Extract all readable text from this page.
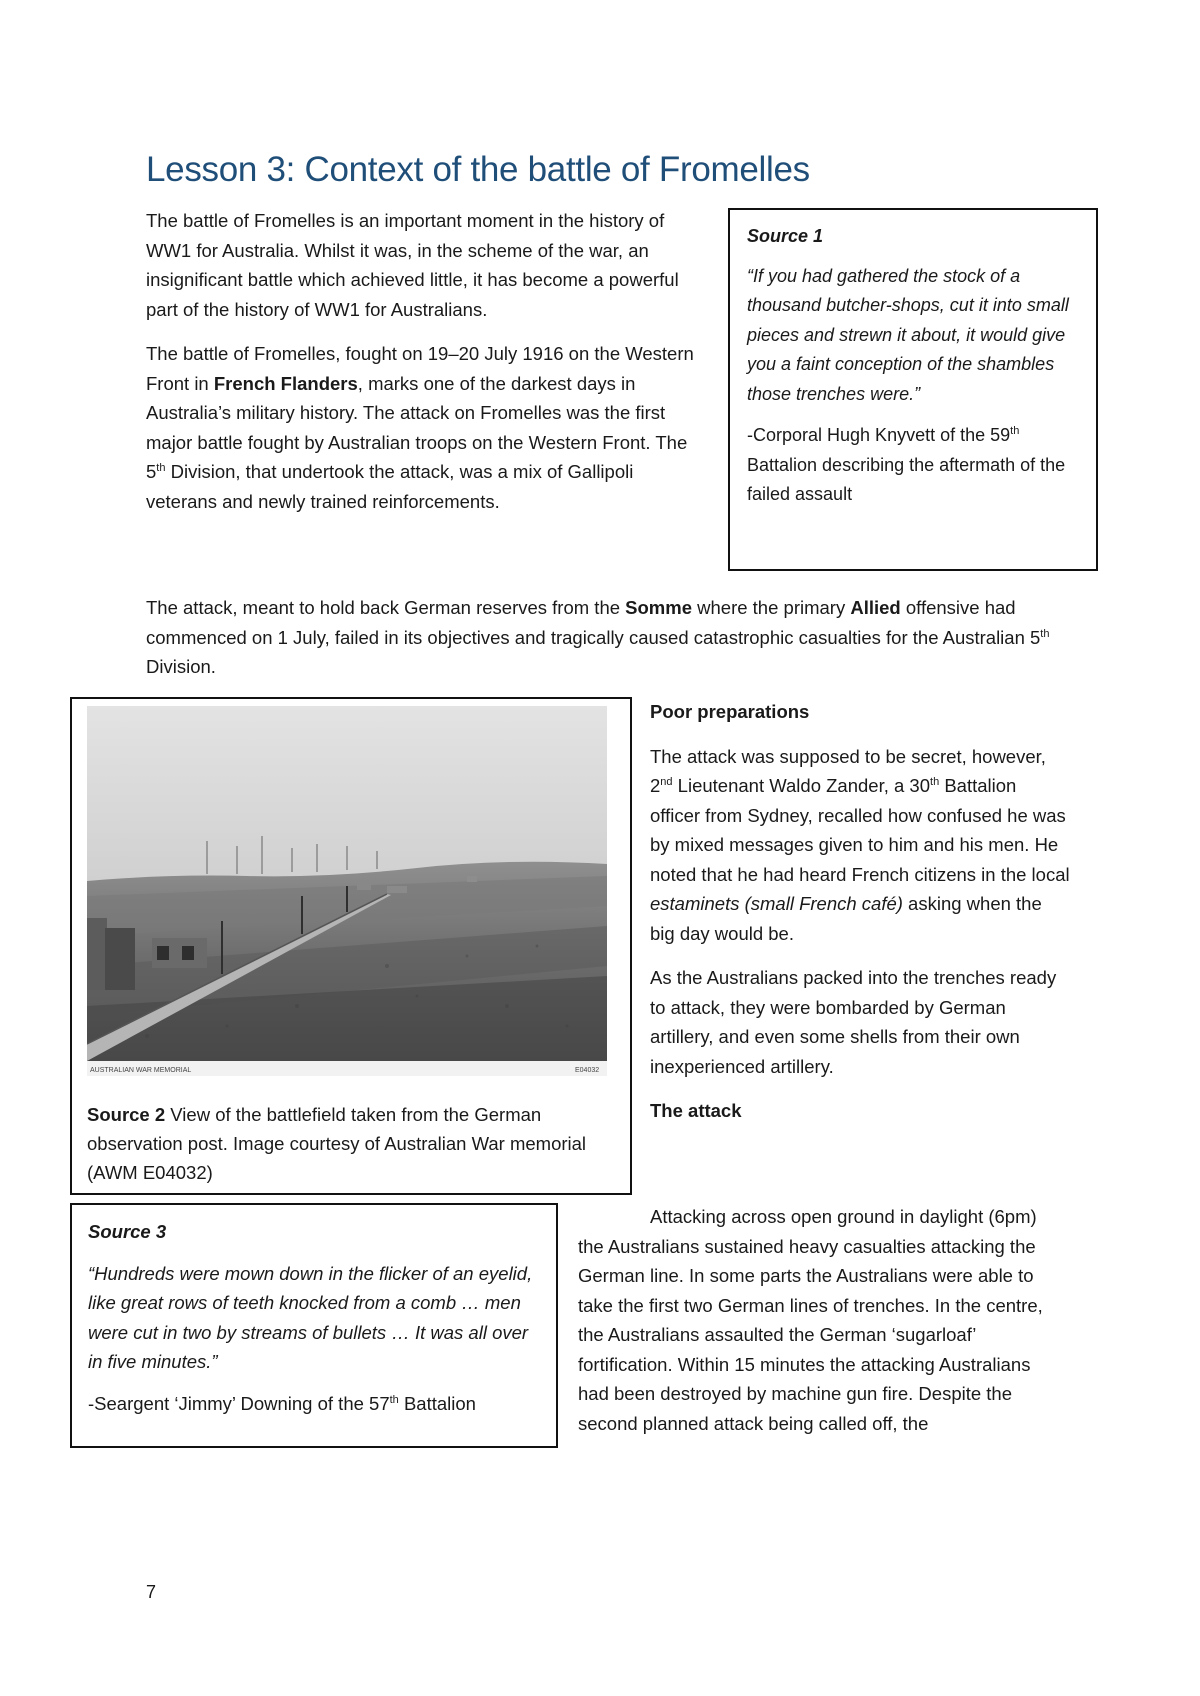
Lesson 3: Context of the battle of Fromelles

The battle of Fromelles is an important moment in the history of WW1 for Australia. Whilst it was, in the scheme of the war, an insignificant battle which achieved little, it has become a powerful part of the history of WW1 for Australians.

The battle of Fromelles, fought on 19–20 July 1916 on the Western Front in French Flanders, marks one of the darkest days in Australia’s military history. The attack on Fromelles was the first major battle fought by Australian troops on the Western Front. The 5th Division, that undertook the attack, was a mix of Gallipoli veterans and newly trained reinforcements.

Source 1

“If you had gathered the stock of a thousand butcher-shops, cut it into small pieces and strewn it about, it would give you a faint conception of the shambles those trenches were.”

-Corporal Hugh Knyvett of the 59th Battalion describing the aftermath of the failed assault

The attack, meant to hold back German reserves from the Somme where the primary Allied offensive had commenced on 1 July, failed in its objectives and tragically caused catastrophic casualties for the Australian 5th Division.

AUSTRALIAN WAR MEMORIAL	E04032

Source 2 View of the battlefield taken from the German observation post. Image courtesy of Australian War memorial (AWM E04032)

Poor preparations

The attack was supposed to be secret, however, 2nd Lieutenant Waldo Zander, a 30th Battalion officer from Sydney, recalled how confused he was by mixed messages given to him and his men. He noted that he had heard French citizens in the local estaminets (small French café) asking when the big day would be.

As the Australians packed into the trenches ready to attack, they were bombarded by German artillery, and even some shells from their own inexperienced artillery.

The attack

Attacking across open ground in daylight (6pm) the Australians sustained heavy casualties attacking the German line. In some parts the Australians were able to take the first two German lines of trenches. In the centre, the Australians assaulted the German ‘sugarloaf’ fortification. Within 15 minutes the attacking Australians had been destroyed by machine gun fire. Despite the second planned attack being called off, the

Source 3

“Hundreds were mown down in the flicker of an eyelid, like great rows of teeth knocked from a comb … men were cut in two by streams of bullets … It was all over in five minutes.”

-Seargent ‘Jimmy’ Downing of the 57th Battalion

7
